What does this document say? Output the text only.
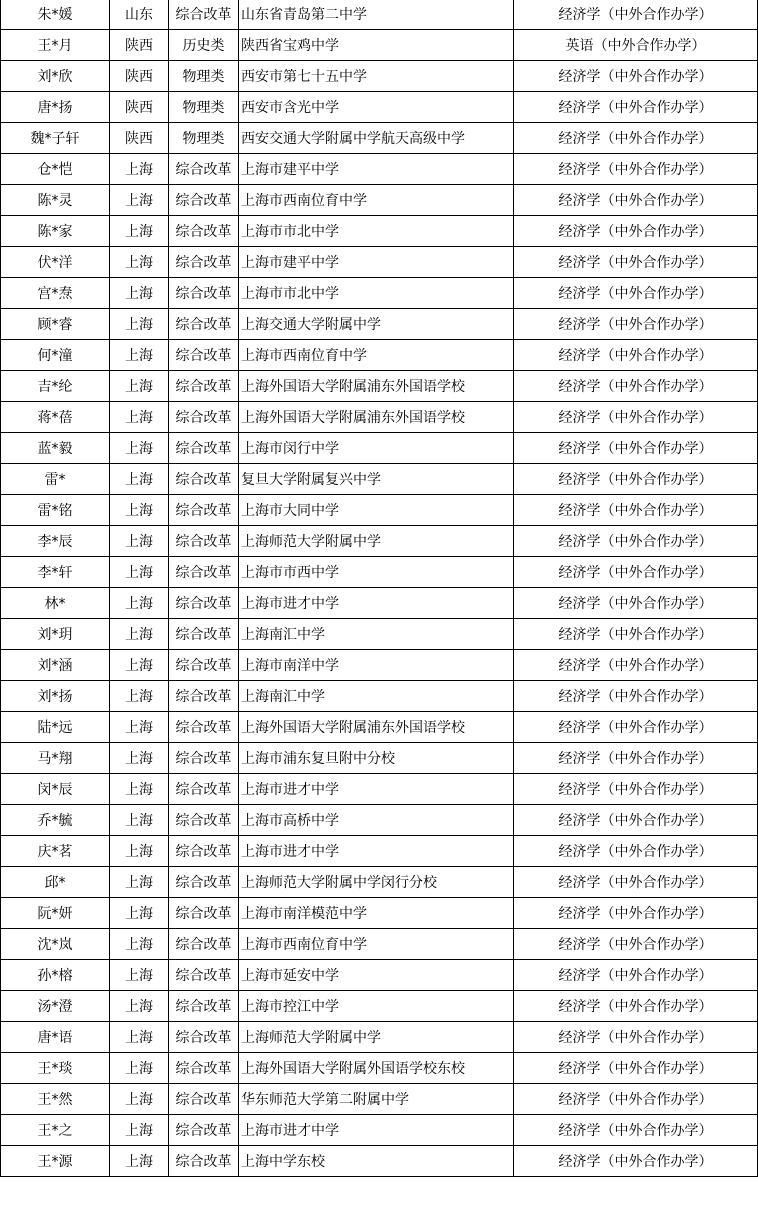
朱*媛	山东	综合改革	山东省青岛第二中学	经济学（中外合作办学）
王*月	陕西	历史类	陕西省宝鸡中学	英语（中外合作办学）
刘*欣	陕西	物理类	西安市第七十五中学	经济学（中外合作办学）
唐*扬	陕西	物理类	西安市含光中学	经济学（中外合作办学）
魏*子轩	陕西	物理类	西安交通大学附属中学航天高级中学	经济学（中外合作办学）
仓*恺	上海	综合改革	上海市建平中学	经济学（中外合作办学）
陈*灵	上海	综合改革	上海市西南位育中学	经济学（中外合作办学）
陈*家	上海	综合改革	上海市市北中学	经济学（中外合作办学）
伏*洋	上海	综合改革	上海市建平中学	经济学（中外合作办学）
宫*焘	上海	综合改革	上海市市北中学	经济学（中外合作办学）
顾*睿	上海	综合改革	上海交通大学附属中学	经济学（中外合作办学）
何*潼	上海	综合改革	上海市西南位育中学	经济学（中外合作办学）
吉*纶	上海	综合改革	上海外国语大学附属浦东外国语学校	经济学（中外合作办学）
蒋*蓓	上海	综合改革	上海外国语大学附属浦东外国语学校	经济学（中外合作办学）
蓝*毅	上海	综合改革	上海市闵行中学	经济学（中外合作办学）
雷*	上海	综合改革	复旦大学附属复兴中学	经济学（中外合作办学）
雷*铭	上海	综合改革	上海市大同中学	经济学（中外合作办学）
李*辰	上海	综合改革	上海师范大学附属中学	经济学（中外合作办学）
李*轩	上海	综合改革	上海市市西中学	经济学（中外合作办学）
林*	上海	综合改革	上海市进才中学	经济学（中外合作办学）
刘*玥	上海	综合改革	上海南汇中学	经济学（中外合作办学）
刘*涵	上海	综合改革	上海市南洋中学	经济学（中外合作办学）
刘*扬	上海	综合改革	上海南汇中学	经济学（中外合作办学）
陆*远	上海	综合改革	上海外国语大学附属浦东外国语学校	经济学（中外合作办学）
马*翔	上海	综合改革	上海市浦东复旦附中分校	经济学（中外合作办学）
闵*辰	上海	综合改革	上海市进才中学	经济学（中外合作办学）
乔*毓	上海	综合改革	上海市高桥中学	经济学（中外合作办学）
庆*茗	上海	综合改革	上海市进才中学	经济学（中外合作办学）
邱*	上海	综合改革	上海师范大学附属中学闵行分校	经济学（中外合作办学）
阮*妍	上海	综合改革	上海市南洋模范中学	经济学（中外合作办学）
沈*岚	上海	综合改革	上海市西南位育中学	经济学（中外合作办学）
孙*榕	上海	综合改革	上海市延安中学	经济学（中外合作办学）
汤*澄	上海	综合改革	上海市控江中学	经济学（中外合作办学）
唐*语	上海	综合改革	上海师范大学附属中学	经济学（中外合作办学）
王*琰	上海	综合改革	上海外国语大学附属外国语学校东校	经济学（中外合作办学）
王*然	上海	综合改革	华东师范大学第二附属中学	经济学（中外合作办学）
王*之	上海	综合改革	上海市进才中学	经济学（中外合作办学）
王*源	上海	综合改革	上海中学东校	经济学（中外合作办学）
